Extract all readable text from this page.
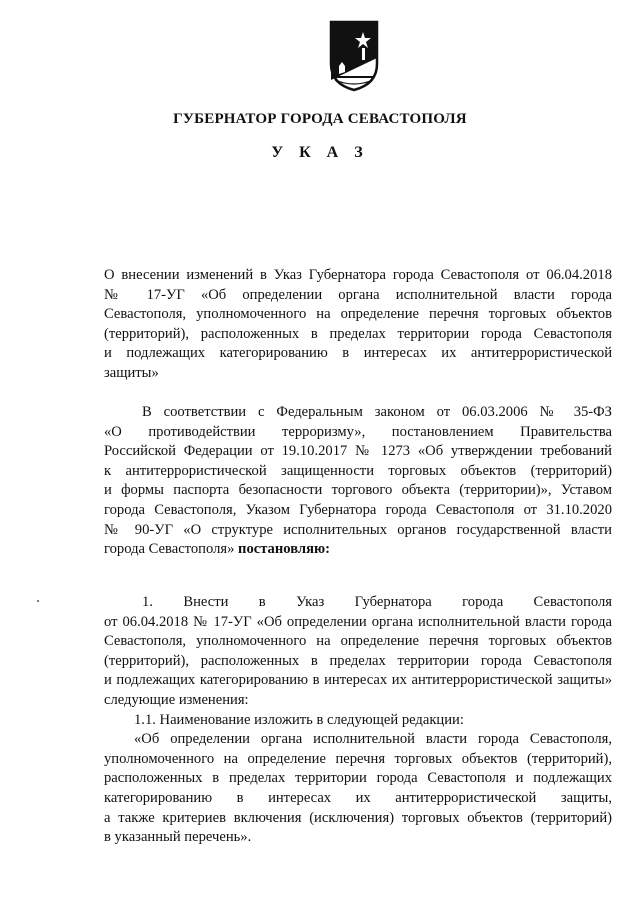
ГУБЕРНАТОР ГОРОДА СЕВАСТОПОЛЯ
У К А З
О внесении изменений в Указ Губернатора города Севастополя от 06.04.2018
№ 17-УГ «Об определении органа исполнительной власти города
Севастополя, уполномоченного на определение перечня торговых объектов
(территорий), расположенных в пределах территории города Севастополя
и подлежащих категорированию в интересах их антитеррористической
защиты»
В соответствии с Федеральным законом от 06.03.2006 № 35-ФЗ
«О противодействии терроризму», постановлением Правительства
Российской Федерации от 19.10.2017 № 1273 «Об утверждении требований
к антитеррористической защищенности торговых объектов (территорий)
и формы паспорта безопасности торгового объекта (территории)», Уставом
города Севастополя, Указом Губернатора города Севастополя от 31.10.2020
№ 90-УГ «О структуре исполнительных органов государственной власти
города Севастополя» постановляю:
1. Внести в Указ Губернатора города Севастополя
от 06.04.2018 № 17-УГ «Об определении органа исполнительной власти города
Севастополя, уполномоченного на определение перечня торговых объектов
(территорий), расположенных в пределах территории города Севастополя
и подлежащих категорированию в интересах их антитеррористической защиты»
следующие изменения:
1.1. Наименование изложить в следующей редакции:
«Об определении органа исполнительной власти города Севастополя,
уполномоченного на определение перечня торговых объектов (территорий),
расположенных в пределах территории города Севастополя и подлежащих
категорированию в интересах их антитеррористической защиты,
а также критериев включения (исключения) торговых объектов (территорий)
в указанный перечень».
